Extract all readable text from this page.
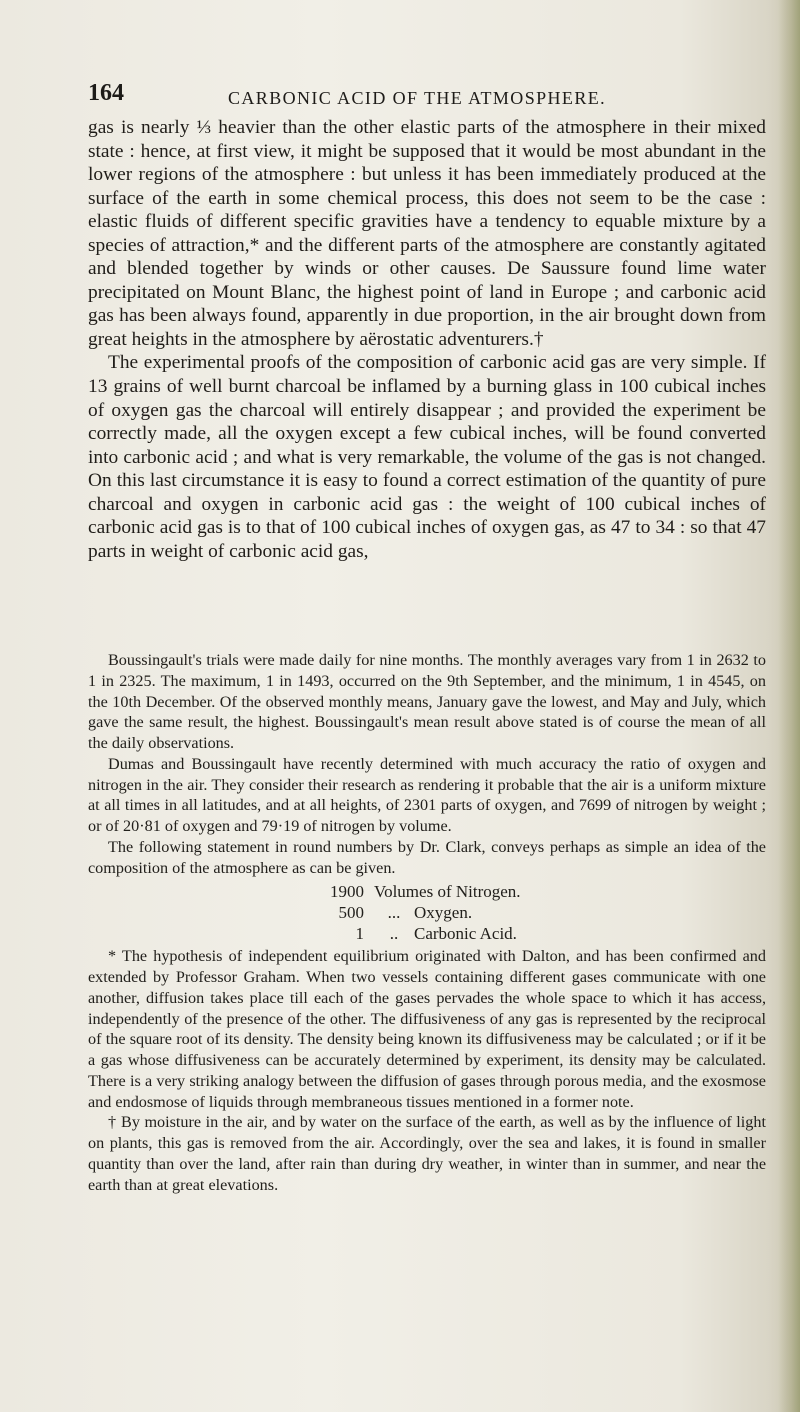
164	CARBONIC ACID OF THE ATMOSPHERE.

gas is nearly ⅓ heavier than the other elastic parts of the atmosphere in their mixed state : hence, at first view, it might be supposed that it would be most abundant in the lower regions of the atmosphere : but unless it has been immediately produced at the surface of the earth in some chemical process, this does not seem to be the case : elastic fluids of different specific gravities have a tendency to equable mixture by a species of attraction,* and the different parts of the atmosphere are constantly agitated and blended together by winds or other causes. De Saussure found lime water precipitated on Mount Blanc, the highest point of land in Europe ; and carbonic acid gas has been always found, apparently in due proportion, in the air brought down from great heights in the atmosphere by aërostatic adventurers.†

The experimental proofs of the composition of carbonic acid gas are very simple. If 13 grains of well burnt charcoal be inflamed by a burning glass in 100 cubical inches of oxygen gas the charcoal will entirely disappear ; and provided the experiment be correctly made, all the oxygen except a few cubical inches, will be found converted into carbonic acid ; and what is very remarkable, the volume of the gas is not changed. On this last circumstance it is easy to found a correct estimation of the quantity of pure charcoal and oxygen in carbonic acid gas : the weight of 100 cubical inches of carbonic acid gas is to that of 100 cubical inches of oxygen gas, as 47 to 34 : so that 47 parts in weight of carbonic acid gas,

Boussingault's trials were made daily for nine months. The monthly averages vary from 1 in 2632 to 1 in 2325. The maximum, 1 in 1493, occurred on the 9th September, and the minimum, 1 in 4545, on the 10th December. Of the observed monthly means, January gave the lowest, and May and July, which gave the same result, the highest. Boussingault's mean result above stated is of course the mean of all the daily observations.

Dumas and Boussingault have recently determined with much accuracy the ratio of oxygen and nitrogen in the air. They consider their research as rendering it probable that the air is a uniform mixture at all times in all latitudes, and at all heights, of 2301 parts of oxygen, and 7699 of nitrogen by weight ; or of 20·81 of oxygen and 79·19 of nitrogen by volume.

The following statement in round numbers by Dr. Clark, conveys perhaps as simple an idea of the composition of the atmosphere as can be given.

1900 Volumes of Nitrogen.
500	... Oxygen.
1	.. Carbonic Acid.

* The hypothesis of independent equilibrium originated with Dalton, and has been confirmed and extended by Professor Graham. When two vessels containing different gases communicate with one another, diffusion takes place till each of the gases pervades the whole space to which it has access, independently of the presence of the other. The diffusiveness of any gas is represented by the reciprocal of the square root of its density. The density being known its diffusiveness may be calculated ; or if it be a gas whose diffusiveness can be accurately determined by experiment, its density may be calculated. There is a very striking analogy between the diffusion of gases through porous media, and the exosmose and endosmose of liquids through membraneous tissues mentioned in a former note.

† By moisture in the air, and by water on the surface of the earth, as well as by the influence of light on plants, this gas is removed from the air. Accordingly, over the sea and lakes, it is found in smaller quantity than over the land, after rain than during dry weather, in winter than in summer, and near the earth than at great elevations.
